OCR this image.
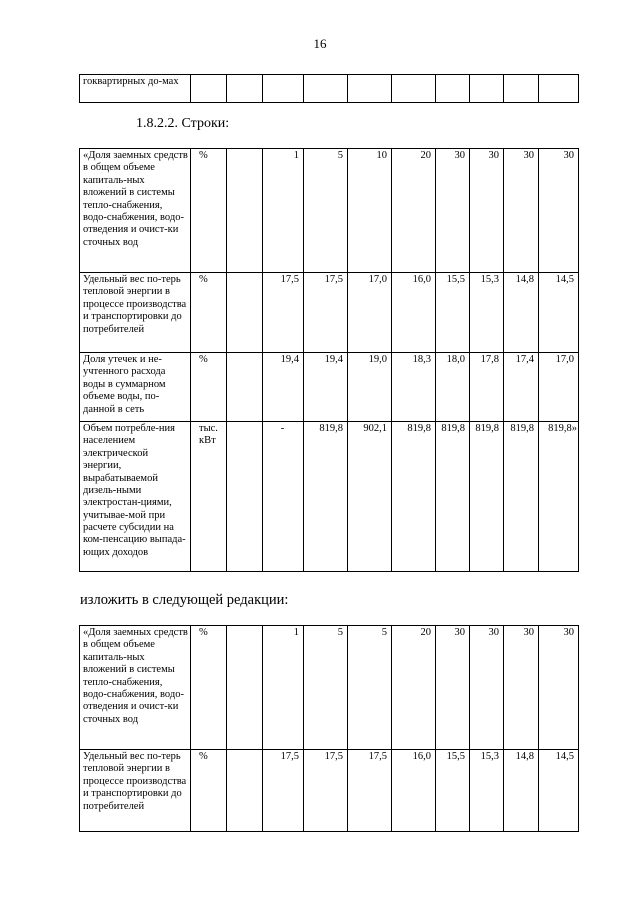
16
гоквартирных до-мах										
1.8.2.2. Строки:
«Доля заемных средств в общем объеме капиталь-ных вложений в системы тепло-снабжения, водо-снабжения, водо-отведения и очист-ки сточных вод	%		1	5	10	20	30	30	30	30
Удельный вес по-терь тепловой энергии в процессе производства и транспортировки до потребителей	%		17,5	17,5	17,0	16,0	15,5	15,3	14,8	14,5
Доля утечек и не-учтенного расхода воды в суммарном объеме воды, по-данной в сеть	%		19,4	19,4	19,0	18,3	18,0	17,8	17,4	17,0
Объем потребле-ния населением электрической энергии, вырабатываемой дизель-ными электростан-циями, учитывае-мой при расчете субсидии на ком-пенсацию выпада-ющих доходов	тыс. кВт		-	819,8	902,1	819,8	819,8	819,8	819,8	819,8»
изложить в следующей редакции:
«Доля заемных средств в общем объеме капиталь-ных вложений в системы тепло-снабжения, водо-снабжения, водо-отведения и очист-ки сточных вод	%		1	5	5	20	30	30	30	30
Удельный вес по-терь тепловой энергии в процессе производства и транспортировки до потребителей	%		17,5	17,5	17,5	16,0	15,5	15,3	14,8	14,5
